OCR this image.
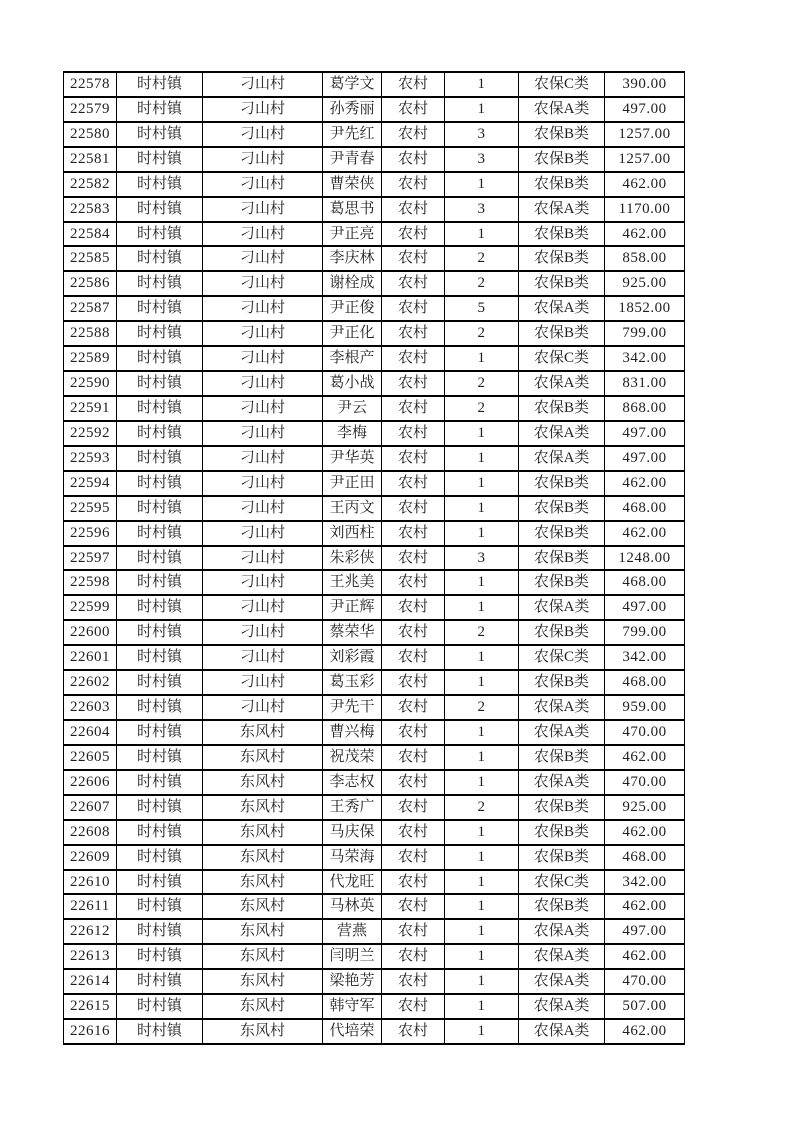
22578	时村镇	刁山村	葛学文	农村	1	农保C类	390.00
22579	时村镇	刁山村	孙秀丽	农村	1	农保A类	497.00
22580	时村镇	刁山村	尹先红	农村	3	农保B类	1257.00
22581	时村镇	刁山村	尹青春	农村	3	农保B类	1257.00
22582	时村镇	刁山村	曹荣侠	农村	1	农保B类	462.00
22583	时村镇	刁山村	葛思书	农村	3	农保A类	1170.00
22584	时村镇	刁山村	尹正亮	农村	1	农保B类	462.00
22585	时村镇	刁山村	李庆林	农村	2	农保B类	858.00
22586	时村镇	刁山村	谢栓成	农村	2	农保B类	925.00
22587	时村镇	刁山村	尹正俊	农村	5	农保A类	1852.00
22588	时村镇	刁山村	尹正化	农村	2	农保B类	799.00
22589	时村镇	刁山村	李根产	农村	1	农保C类	342.00
22590	时村镇	刁山村	葛小战	农村	2	农保A类	831.00
22591	时村镇	刁山村	尹云	农村	2	农保B类	868.00
22592	时村镇	刁山村	李梅	农村	1	农保A类	497.00
22593	时村镇	刁山村	尹华英	农村	1	农保A类	497.00
22594	时村镇	刁山村	尹正田	农村	1	农保B类	462.00
22595	时村镇	刁山村	王丙文	农村	1	农保B类	468.00
22596	时村镇	刁山村	刘西柱	农村	1	农保B类	462.00
22597	时村镇	刁山村	朱彩侠	农村	3	农保B类	1248.00
22598	时村镇	刁山村	王兆美	农村	1	农保B类	468.00
22599	时村镇	刁山村	尹正辉	农村	1	农保A类	497.00
22600	时村镇	刁山村	蔡荣华	农村	2	农保B类	799.00
22601	时村镇	刁山村	刘彩霞	农村	1	农保C类	342.00
22602	时村镇	刁山村	葛玉彩	农村	1	农保B类	468.00
22603	时村镇	刁山村	尹先干	农村	2	农保A类	959.00
22604	时村镇	东风村	曹兴梅	农村	1	农保A类	470.00
22605	时村镇	东风村	祝茂荣	农村	1	农保B类	462.00
22606	时村镇	东风村	李志权	农村	1	农保A类	470.00
22607	时村镇	东风村	王秀广	农村	2	农保B类	925.00
22608	时村镇	东风村	马庆保	农村	1	农保B类	462.00
22609	时村镇	东风村	马荣海	农村	1	农保B类	468.00
22610	时村镇	东风村	代龙旺	农村	1	农保C类	342.00
22611	时村镇	东风村	马林英	农村	1	农保B类	462.00
22612	时村镇	东风村	营燕	农村	1	农保A类	497.00
22613	时村镇	东风村	闫明兰	农村	1	农保A类	462.00
22614	时村镇	东风村	梁艳芳	农村	1	农保A类	470.00
22615	时村镇	东风村	韩守军	农村	1	农保A类	507.00
22616	时村镇	东风村	代培荣	农村	1	农保A类	462.00
